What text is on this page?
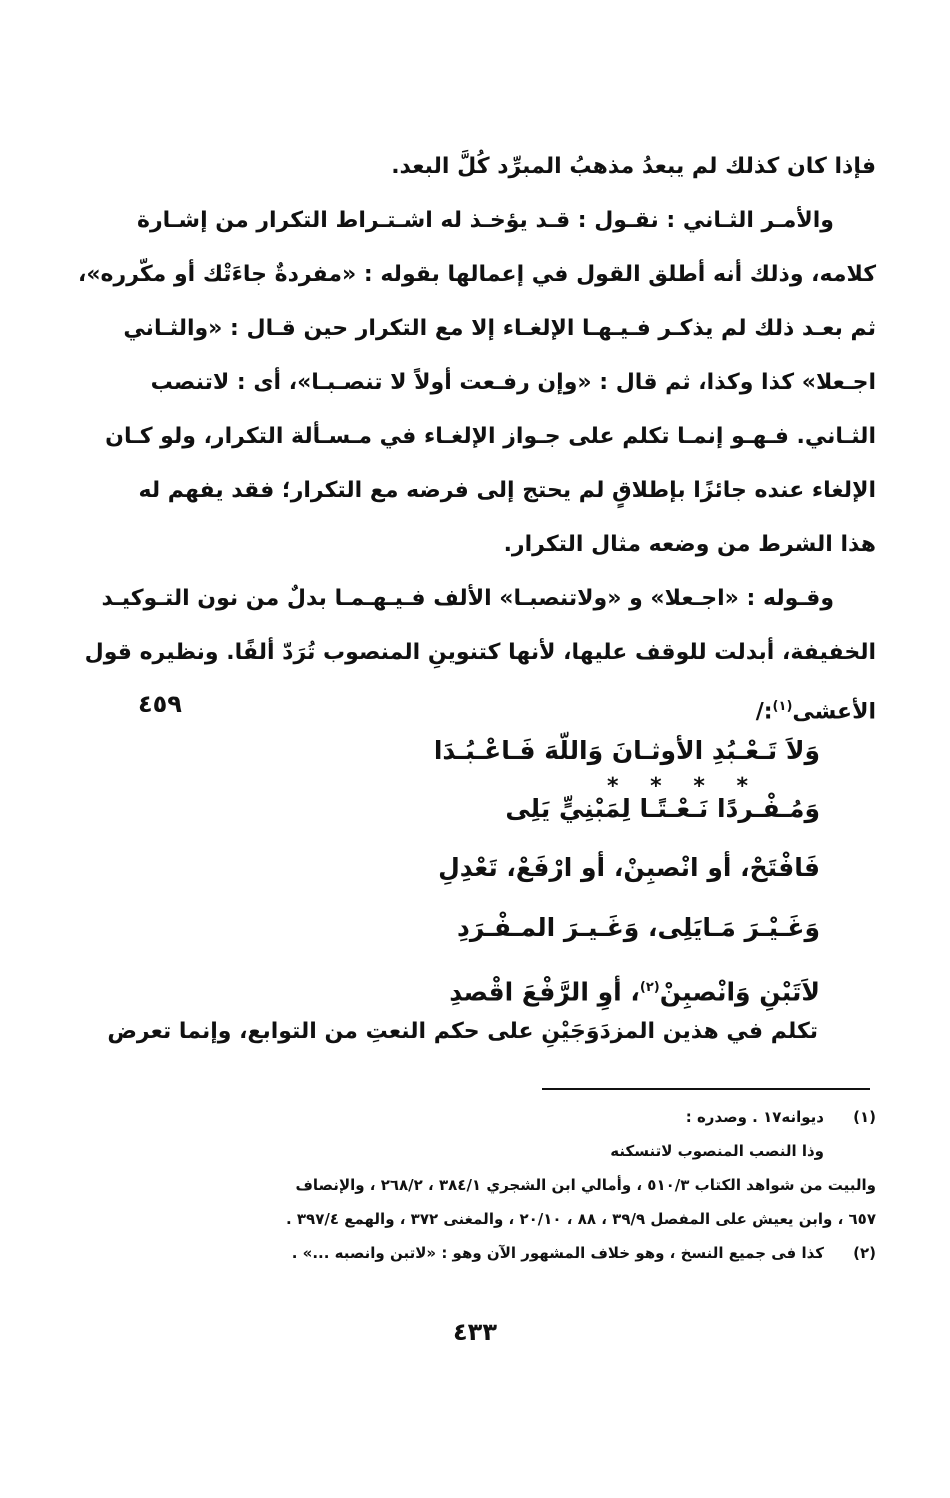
فإذا كان كذلك لم يبعدُ مذهبُ المبرِّد كُلَّ البعد.
والأمـر الثـاني : نقـول : قـد يؤخـذ له اشـتـراط التكرار من إشـارة
كلامه، وذلك أنه أطلق القول في إعمالها بقوله : «مفردةٌ جاءَتْك أو مكّرره»،
ثم بعـد ذلك لم يذكـر فـيـهـا الإلغـاء إلا مع التكرار حين قـال : «والثـاني
اجـعلا» كذا وكذا، ثم قال : «وإن رفـعت أولاً لا تنصـبـا»، أى : لاتنصب
الثـاني. فـهـو إنمـا تكلم على جـواز الإلغـاء في مـسـألة التكرار، ولو كـان
الإلغاء عنده جائزًا بإطلاقٍ لم يحتج إلى فرضه مع التكرار؛ فقد يفهم له
هذا الشرط من وضعه مثال التكرار.
وقـوله : «اجـعلا» و «ولاتنصبـا» الألف فـيـهـمـا بدلٌ من نون التـوكيـد
الخفيفة، أبدلت للوقف عليها، لأنها كتنوينِ المنصوب تُرَدّ ألفًا. ونظيره قول
الأعشى$^{(١)}$:/
٤٥٩
وَلاَ تَـعْـبُدِ الأوثـانَ وَاللّهَ فَـاعْـبُـدَا
* * * *
وَمُـفْـردًا نَـعْـتًـا لِمَبْنِيٍّ يَلِى
فَافْتَحْ، أو انْصبِنْ، أو ارْفَعْ، تَعْدِلِ
وَغَـيْـرَ مَـايَلِى، وَغَـيـرَ المـفْـرَدِ
لاَتَبْنِ وَانْصبِنْ$^{(٢)}$، أوِ الرَّفْعَ اقْصدِ
تكلم في هذين المزدَوَجَيْنِ على حكم النعتِ من التوابع، وإنما تعرض
(١)ديوانه١٧ . وصدره :
وذا النصب المنصوب لاتنسكنه
والبيت من شواهد الكتاب ٥١٠/٣ ، وأمالي ابن الشجري ٣٨٤/١ ، ٢٦٨/٢ ، والإنصاف
٦٥٧ ، وابن يعيش على المفصل ٣٩/٩ ، ٨٨ ، ٢٠/١٠ ، والمغنى ٣٧٢ ، والهمع ٣٩٧/٤ .
(٢)كذا فى جميع النسخ ، وهو خلاف المشهور الآن وهو : «لاتبن وانصبه ...» .
٤٣٣
